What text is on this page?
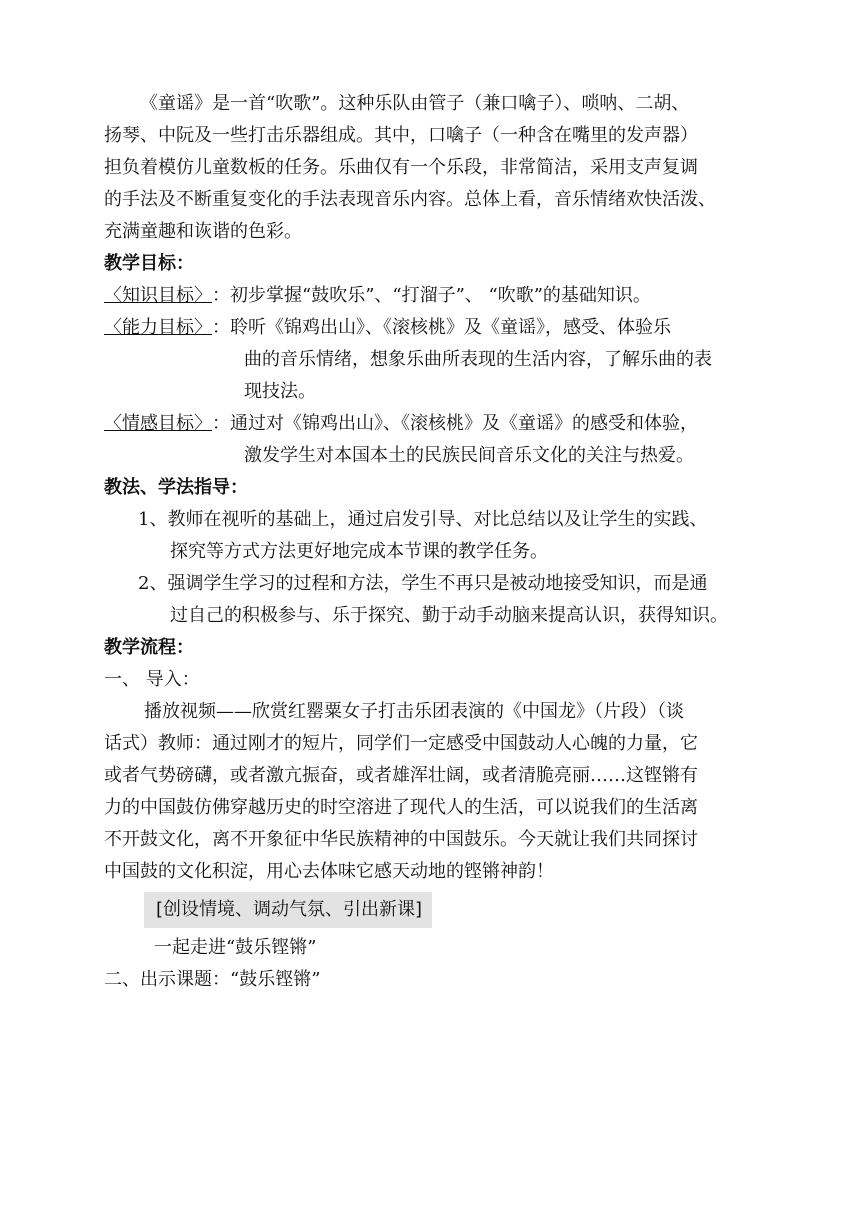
《童谣》是一首“吹歌”。这种乐队由管子（兼口噙子）、唢呐、二胡、
扬琴、中阮及一些打击乐器组成。其中，口噙子（一种含在嘴里的发声器）
担负着模仿儿童数板的任务。乐曲仅有一个乐段，非常简洁，采用支声复调
的手法及不断重复变化的手法表现音乐内容。总体上看，音乐情绪欢快活泼、
充满童趣和诙谐的色彩。
教学目标：
〈知识目标〉 ： 初步掌握“鼓吹乐”、“打溜子”、 “吹歌”的基础知识。
〈能力目标〉 ： 聆听《锦鸡出山》、《滚核桃》及《童谣》，感受、体验乐
曲的音乐情绪，想象乐曲所表现的生活内容，了解乐曲的表
现技法。
〈情感目标〉 ： 通过对《锦鸡出山》、《滚核桃》及《童谣》的感受和体验，
激发学生对本国本土的民族民间音乐文化的关注与热爱。
教法、学法指导：
1、教师在视听的基础上，通过启发引导、对比总结以及让学生的实践、
探究等方式方法更好地完成本节课的教学任务。
2、强调学生学习的过程和方法，学生不再只是被动地接受知识，而是通
过自己的积极参与、乐于探究、勤于动手动脑来提高认识，获得知识。
教学流程：
一、 导入：
播放视频——欣赏红罂粟女子打击乐团表演的《中国龙》（片段）（谈
话式）教师：通过刚才的短片，同学们一定感受中国鼓动人心魄的力量，它
或者气势磅礴，或者激亢振奋，或者雄浑壮阔，或者清脆亮丽……这铿锵有
力的中国鼓仿佛穿越历史的时空溶进了现代人的生活，可以说我们的生活离
不开鼓文化，离不开象征中华民族精神的中国鼓乐。今天就让我们共同探讨
中国鼓的文化积淀，用心去体味它感天动地的铿锵神韵！
[创设情境、调动气氛、引出新课]
一起走进“鼓乐铿锵”
二、出示课题：“鼓乐铿锵”
